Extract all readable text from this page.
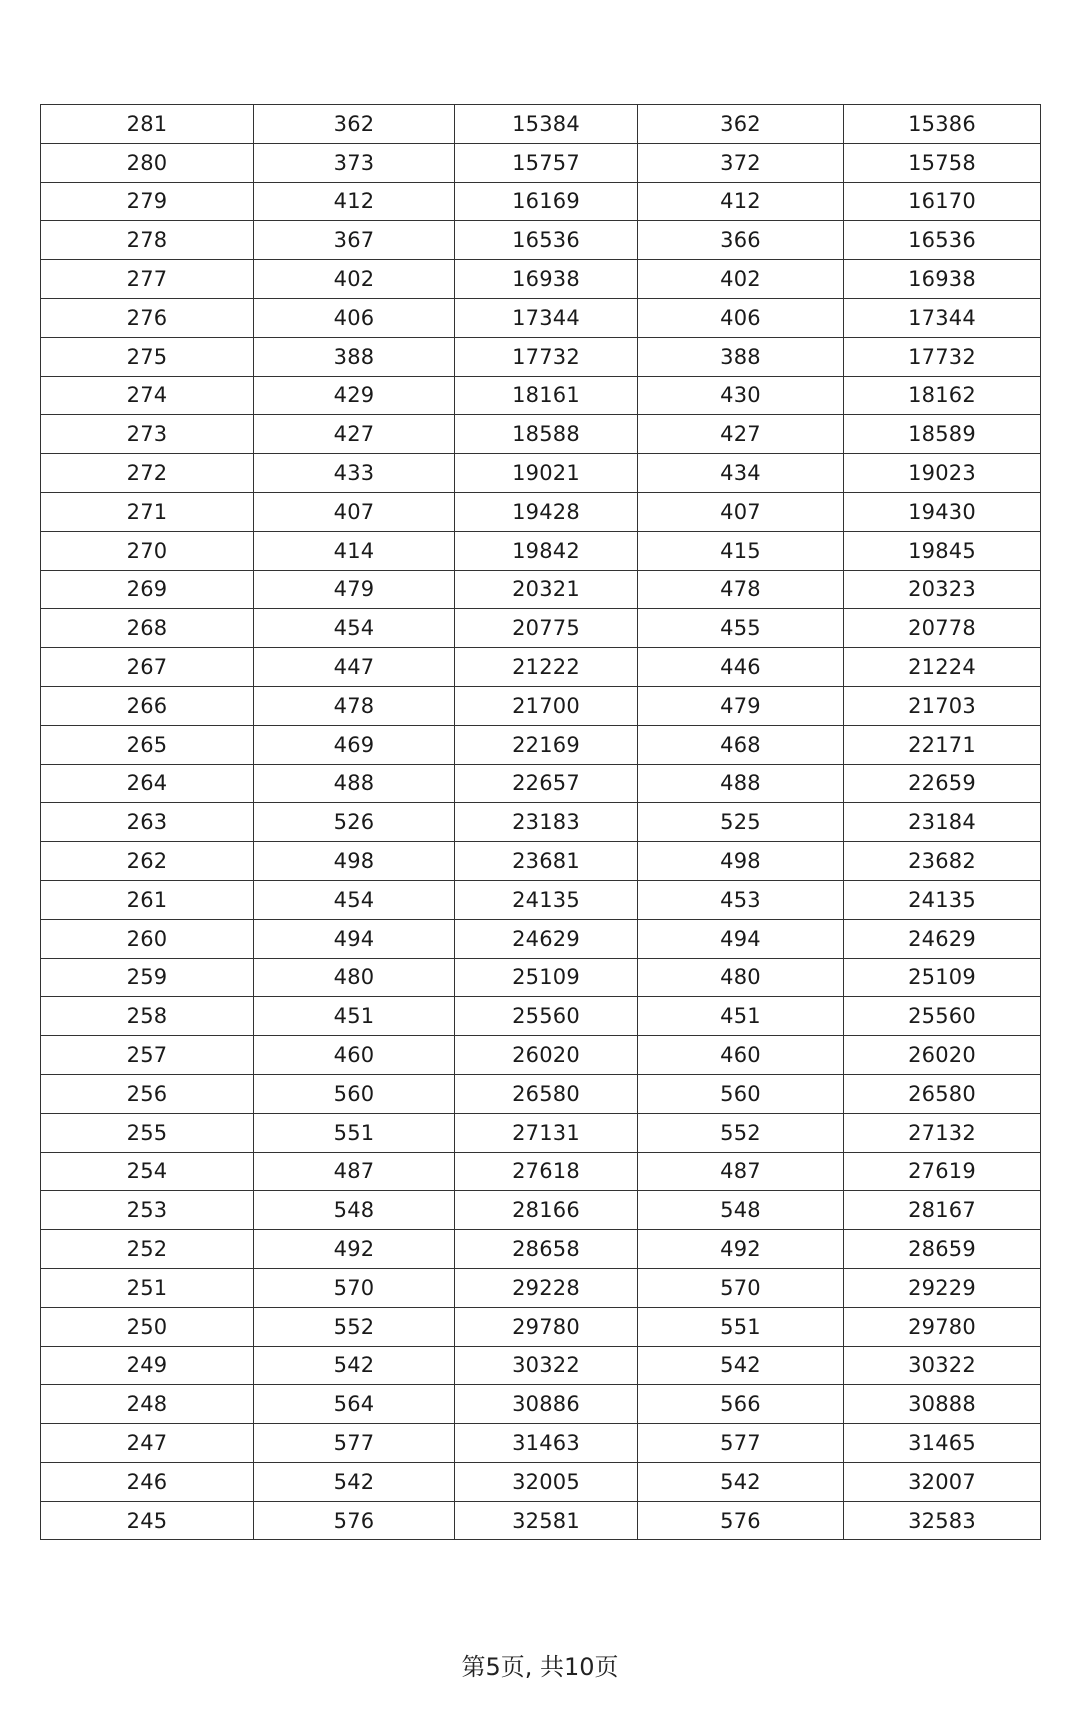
281	362	15384	362	15386
280	373	15757	372	15758
279	412	16169	412	16170
278	367	16536	366	16536
277	402	16938	402	16938
276	406	17344	406	17344
275	388	17732	388	17732
274	429	18161	430	18162
273	427	18588	427	18589
272	433	19021	434	19023
271	407	19428	407	19430
270	414	19842	415	19845
269	479	20321	478	20323
268	454	20775	455	20778
267	447	21222	446	21224
266	478	21700	479	21703
265	469	22169	468	22171
264	488	22657	488	22659
263	526	23183	525	23184
262	498	23681	498	23682
261	454	24135	453	24135
260	494	24629	494	24629
259	480	25109	480	25109
258	451	25560	451	25560
257	460	26020	460	26020
256	560	26580	560	26580
255	551	27131	552	27132
254	487	27618	487	27619
253	548	28166	548	28167
252	492	28658	492	28659
251	570	29228	570	29229
250	552	29780	551	29780
249	542	30322	542	30322
248	564	30886	566	30888
247	577	31463	577	31465
246	542	32005	542	32007
245	576	32581	576	32583
第5页, 共10页
